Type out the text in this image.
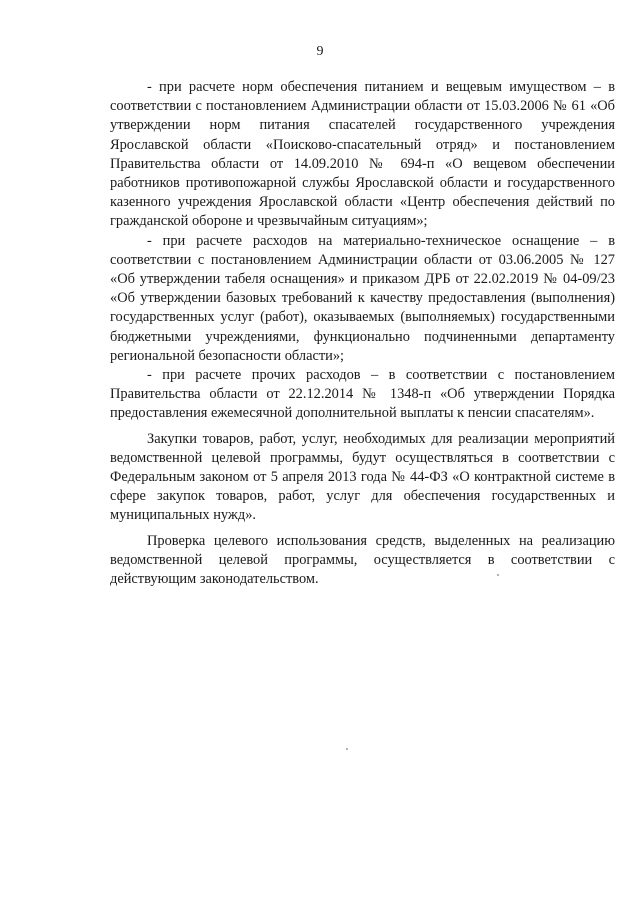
9

- при расчете норм обеспечения питанием и вещевым имуществом – в соответствии с постановлением Администрации области от 15.03.2006 № 61 «Об утверждении норм питания спасателей государственного учреждения Ярославской области «Поисково-спасательный отряд» и постановлением Правительства области от 14.09.2010 № 694-п «О вещевом обеспечении работников противопожарной службы Ярославской области и государственного казенного учреждения Ярославской области «Центр обеспечения действий по гражданской обороне и чрезвычайным ситуациям»;

- при расчете расходов на материально-техническое оснащение – в соответствии с постановлением Администрации области от 03.06.2005 № 127 «Об утверждении табеля оснащения» и приказом ДРБ от 22.02.2019 № 04-09/23 «Об утверждении базовых требований к качеству предоставления (выполнения) государственных услуг (работ), оказываемых (выполняемых) государственными бюджетными учреждениями, функционально подчиненными департаменту региональной безопасности области»;

- при расчете прочих расходов – в соответствии с постановлением Правительства области от 22.12.2014 № 1348-п «Об утверждении Порядка предоставления ежемесячной дополнительной выплаты к пенсии спасателям».

Закупки товаров, работ, услуг, необходимых для реализации мероприятий ведомственной целевой программы, будут осуществляться в соответствии с Федеральным законом от 5 апреля 2013 года № 44-ФЗ «О контрактной системе в сфере закупок товаров, работ, услуг для обеспечения государственных и муниципальных нужд».

Проверка целевого использования средств, выделенных на реализацию ведомственной целевой программы, осуществляется в соответствии с действующим законодательством.
